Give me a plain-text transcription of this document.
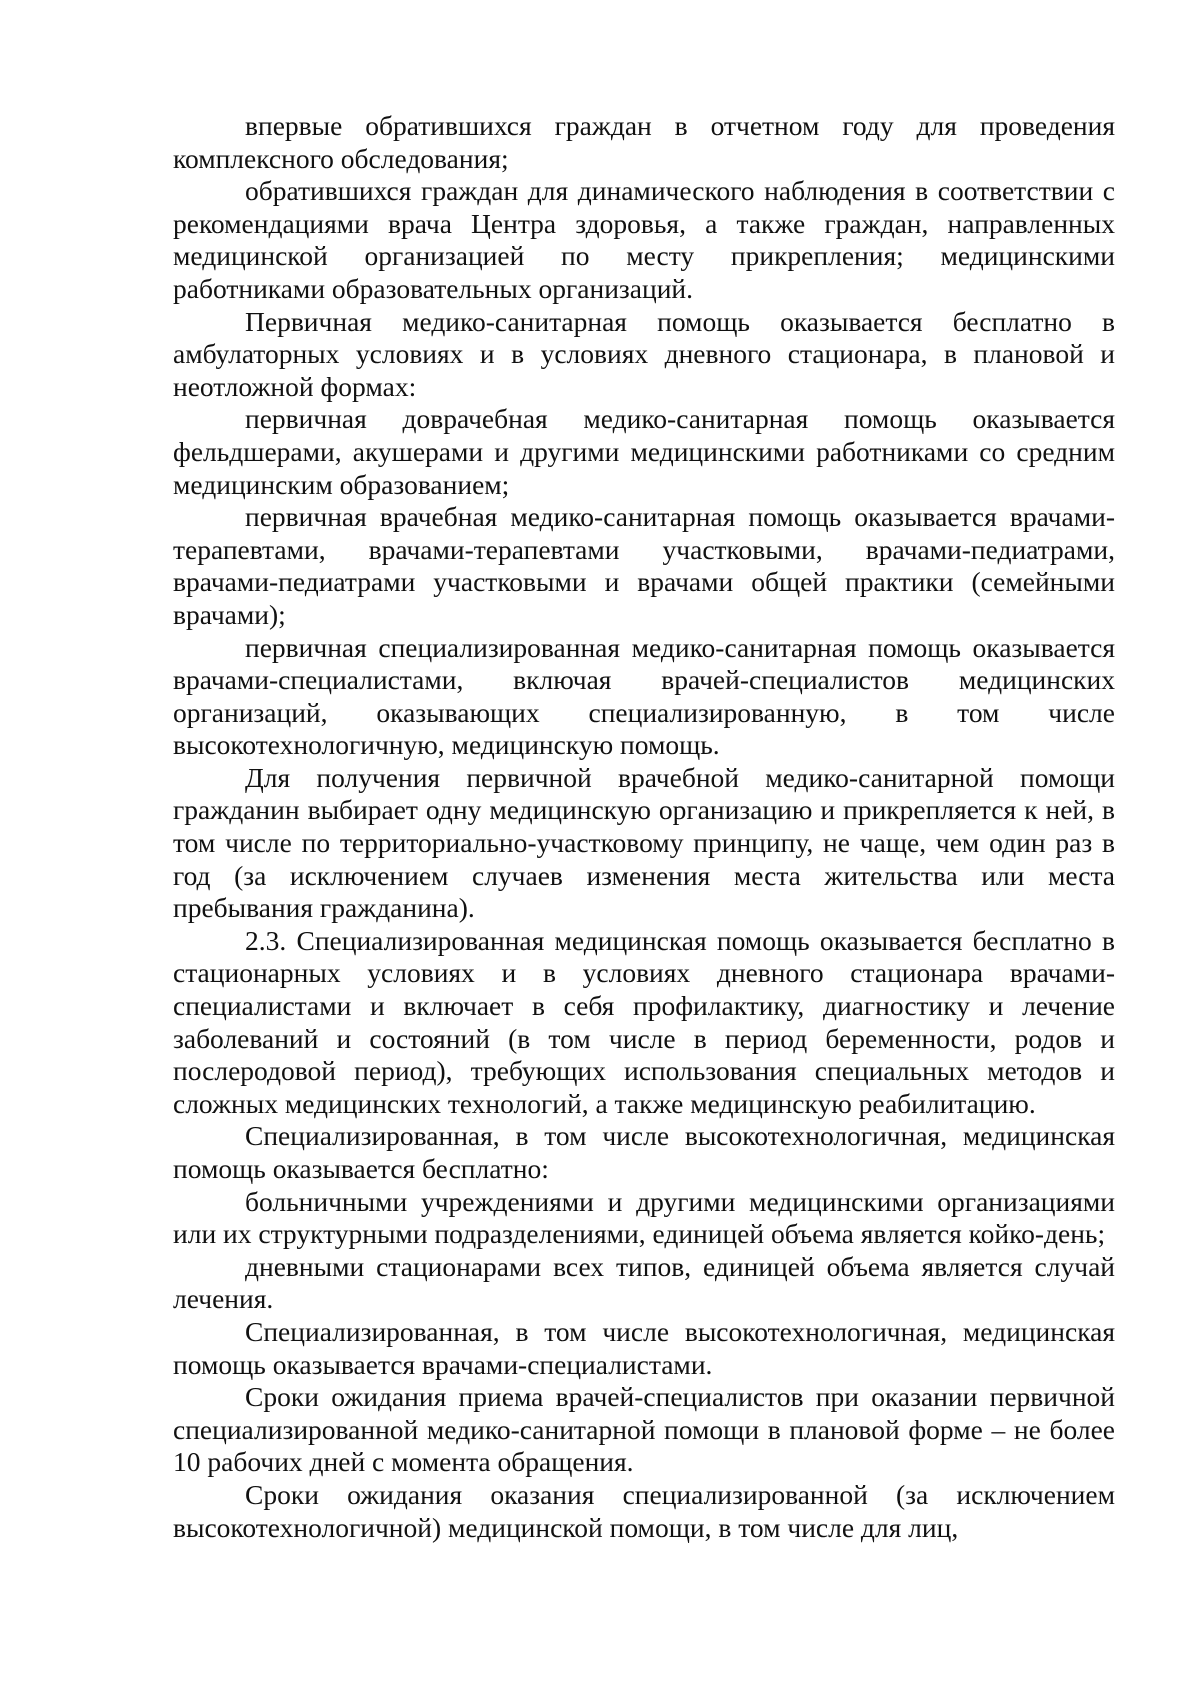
впервые обратившихся граждан в отчетном году для проведения комплексного обследования;

обратившихся граждан для динамического наблюдения в соответствии с рекомендациями врача Центра здоровья, а также граждан, направленных медицинской организацией по месту прикрепления; медицинскими работниками образовательных организаций.

Первичная медико-санитарная помощь оказывается бесплатно в амбулаторных условиях и в условиях дневного стационара, в плановой и неотложной формах:

первичная доврачебная медико-санитарная помощь оказывается фельдшерами, акушерами и другими медицинскими работниками со средним медицинским образованием;

первичная врачебная медико-санитарная помощь оказывается врачами-терапевтами, врачами-терапевтами участковыми, врачами-педиатрами, врачами-педиатрами участковыми и врачами общей практики (семейными врачами);

первичная специализированная медико-санитарная помощь оказывается врачами-специалистами, включая врачей-специалистов медицинских организаций, оказывающих специализированную, в том числе высокотехнологичную, медицинскую помощь.

Для получения первичной врачебной медико-санитарной помощи гражданин выбирает одну медицинскую организацию и прикрепляется к ней, в том числе по территориально-участковому принципу, не чаще, чем один раз в год (за исключением случаев изменения места жительства или места пребывания гражданина).

2.3. Специализированная медицинская помощь оказывается бесплатно в стационарных условиях и в условиях дневного стационара врачами-специалистами и включает в себя профилактику, диагностику и лечение заболеваний и состояний (в том числе в период беременности, родов и послеродовой период), требующих использования специальных методов и сложных медицинских технологий, а также медицинскую реабилитацию.

Специализированная, в том числе высокотехнологичная, медицинская помощь оказывается бесплатно:

больничными учреждениями и другими медицинскими организациями или их структурными подразделениями, единицей объема является койко-день;

дневными стационарами всех типов, единицей объема является случай лечения.

Специализированная, в том числе высокотехнологичная, медицинская помощь оказывается врачами-специалистами.

Сроки ожидания приема врачей-специалистов при оказании первичной специализированной медико-санитарной помощи в плановой форме – не более 10 рабочих дней с момента обращения.

Сроки ожидания оказания специализированной (за исключением высокотехнологичной) медицинской помощи, в том числе для лиц,
